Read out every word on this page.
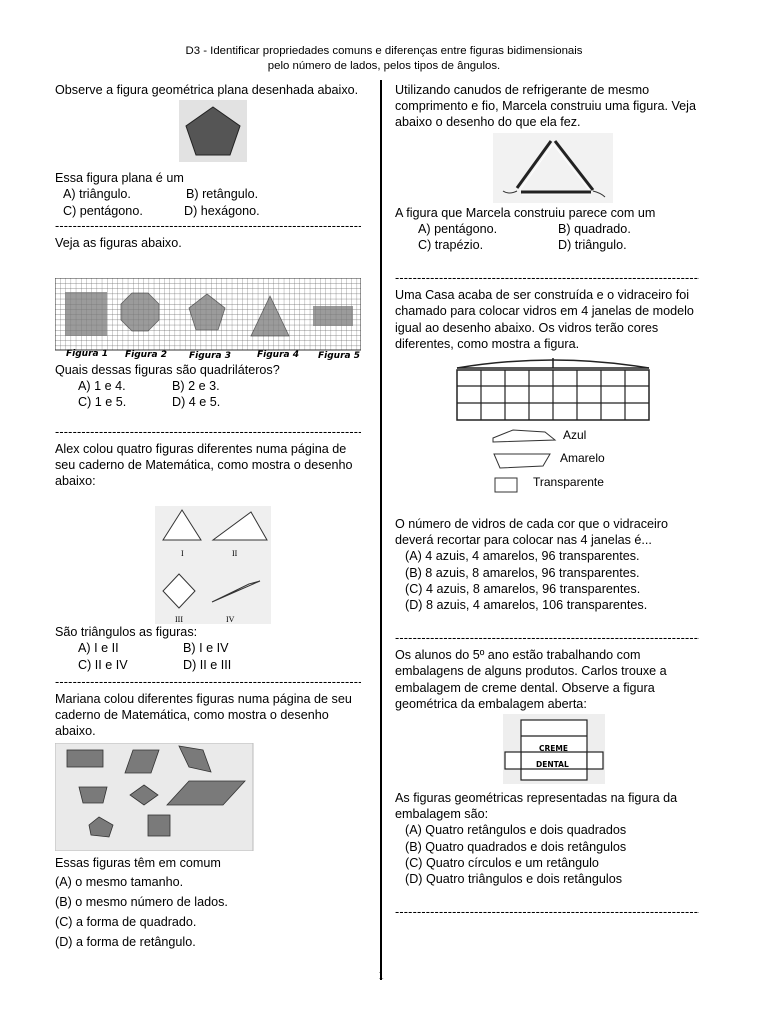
D3 - Identificar propriedades comuns e diferenças entre figuras bidimensionais
pelo número de lados, pelos tipos de ângulos.
Observe a figura geométrica plana desenhada abaixo.
Essa figura plana é um
A) triângulo.	B) retângulo.
C) pentágono.	D) hexágono.
-----
Veja as figuras abaixo.
Figura 1 Figura 2 Figura 3	Figura 4 Figura 5
Quais dessas figuras são quadriláteros?
A) 1 e 4.	B) 2 e 3.
C) 1 e 5.	D) 4 e 5.
-----
Alex colou quatro figuras diferentes numa página de
seu caderno de Matemática, como mostra o desenho
abaixo:
I	II
III	IV
São triângulos as figuras:
A) I e II	B) I e IV
C) II e IV	D) II e III
-----
Mariana colou diferentes figuras numa página de seu
caderno de Matemática, como mostra o desenho
abaixo.
Essas figuras têm em comum
(A) o mesmo tamanho.
(B) o mesmo número de lados.
(C) a forma de quadrado.
(D) a forma de retângulo.
Utilizando canudos de refrigerante de mesmo
comprimento e fio, Marcela construiu uma figura. Veja
abaixo o desenho do que ela fez.
A figura que Marcela construiu parece com um
A) pentágono.	B) quadrado.
C) trapézio.	D) triângulo.
-----
Uma Casa acaba de ser construída e o vidraceiro foi
chamado para colocar vidros em 4 janelas de modelo
igual ao desenho abaixo. Os vidros terão cores
diferentes, como mostra a figura.
Azul
Amarelo
Transparente
O número de vidros de cada cor que o vidraceiro
deverá recortar para colocar nas 4 janelas é...
(A) 4 azuis, 4 amarelos, 96 transparentes.
(B) 8 azuis, 8 amarelos, 96 transparentes.
(C) 4 azuis, 8 amarelos, 96 transparentes.
(D) 8 azuis, 4 amarelos, 106 transparentes.
-----
Os alunos do 5º ano estão trabalhando com
embalagens de alguns produtos. Carlos trouxe a
embalagem de creme dental. Observe a figura
geométrica da embalagem aberta:
CREME
DENTAL
As figuras geométricas representadas na figura da
embalagem são:
(A) Quatro retângulos e dois quadrados
(B) Quatro quadrados e dois retângulos
(C) Quatro círculos e um retângulo
(D) Quatro triângulos e dois retângulos
-----
1
